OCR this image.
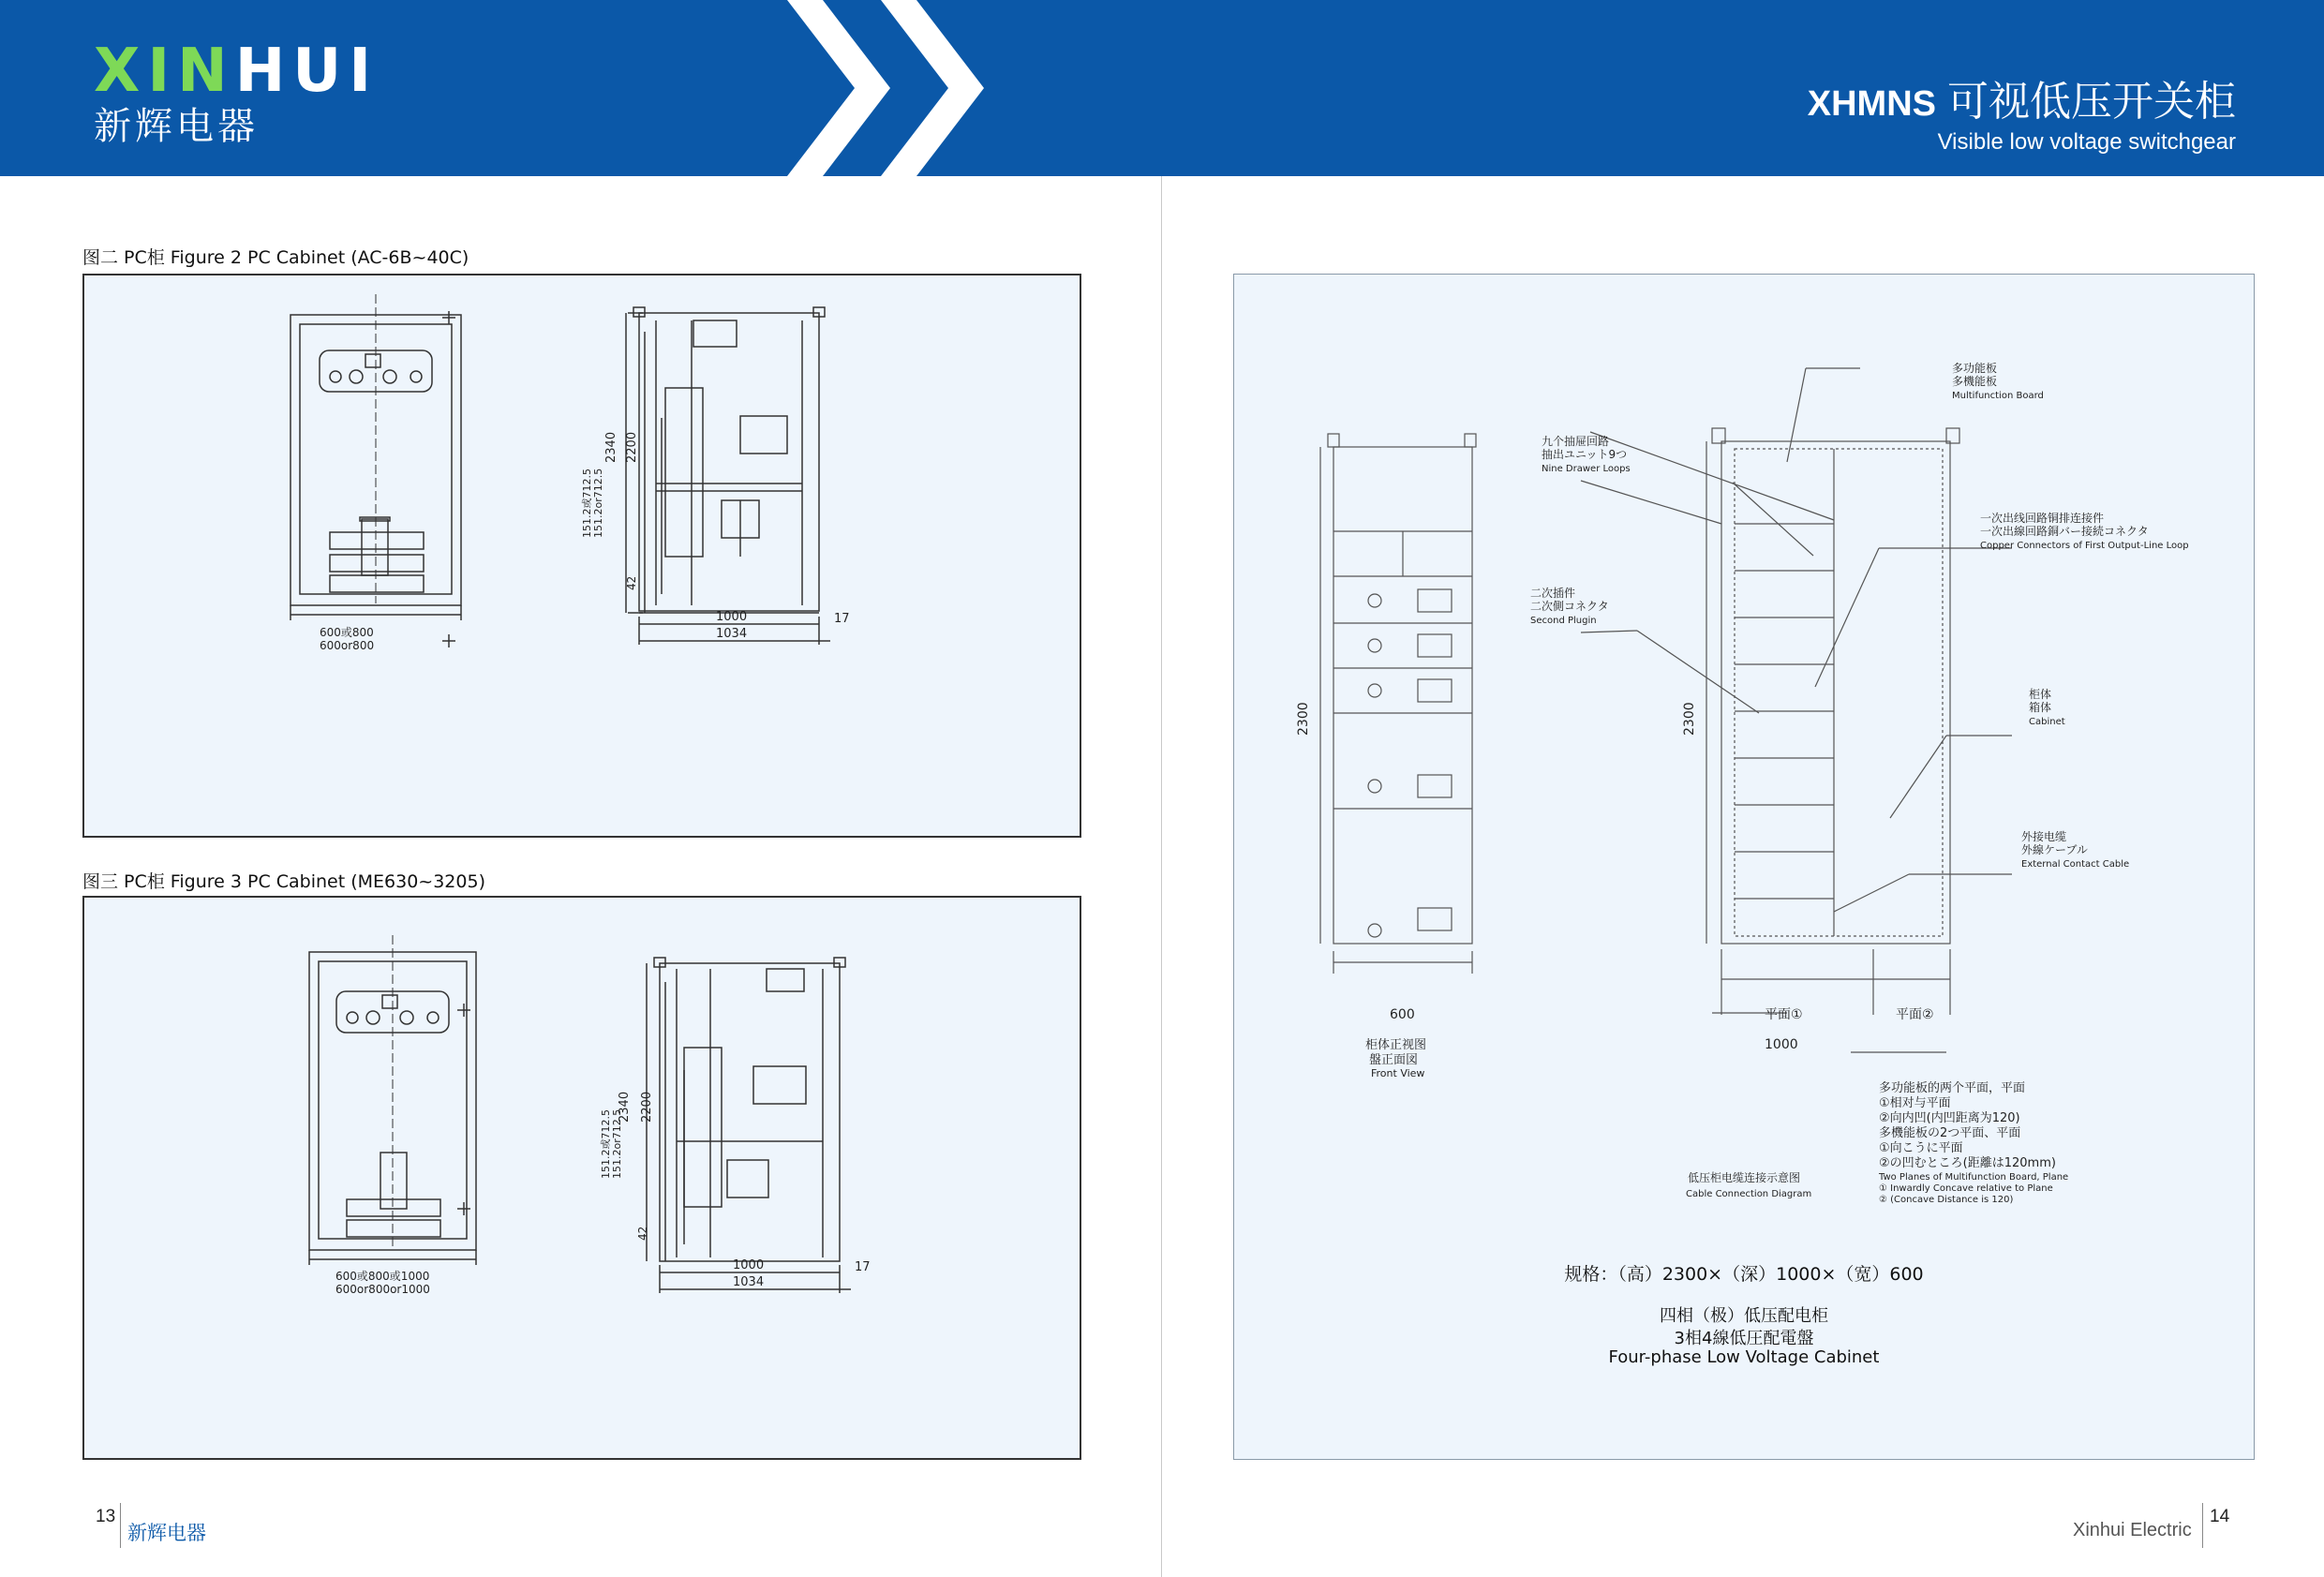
XINHUI
新辉电器
XHMNS 可视低压开关柜
Visible low voltage switchgear
图二 PC柜 Figure 2 PC Cabinet (AC-6B~40C)
600或800
600or800
2340 2200
151.2或712.5 151.2or712.5
42
1000
1034
17
图三 PC柜 Figure 3 PC Cabinet (ME630~3205)
600或800或1000
600or800or1000
2340 2200
151.2或712.5 151.2or712.5
42
1000
1034
17
2300	2300
600
柜体正视图
盤正面図
Front View
平面①	平面②
1000
多功能板
多機能板
Multifunction Board
九个抽屉回路
抽出ユニット9つ
Nine Drawer Loops
一次出线回路铜排连接件
一次出線回路銅バー接続コネクタ
Copper Connectors of First Output-Line Loop
二次插件
二次側コネクタ
Second Plugin
柜体
箱体
Cabinet
外接电缆
外線ケーブル
External Contact Cable
低压柜电缆连接示意图
Cable Connection Diagram
多功能板的两个平面，平面
①相对与平面
②向内凹(内凹距离为120)
多機能板の2つ平面、平面
①向こうに平面
②の凹むところ(距離は120mm)
Two Planes of Multifunction Board, Plane
① Inwardly Concave relative to Plane
② (Concave Distance is 120)
规格：（高）2300×（深）1000×（宽）600
四相（极）低压配电柜
3相4線低圧配電盤
Four-phase Low Voltage Cabinet
13
新辉电器	Xinhui Electric
14
